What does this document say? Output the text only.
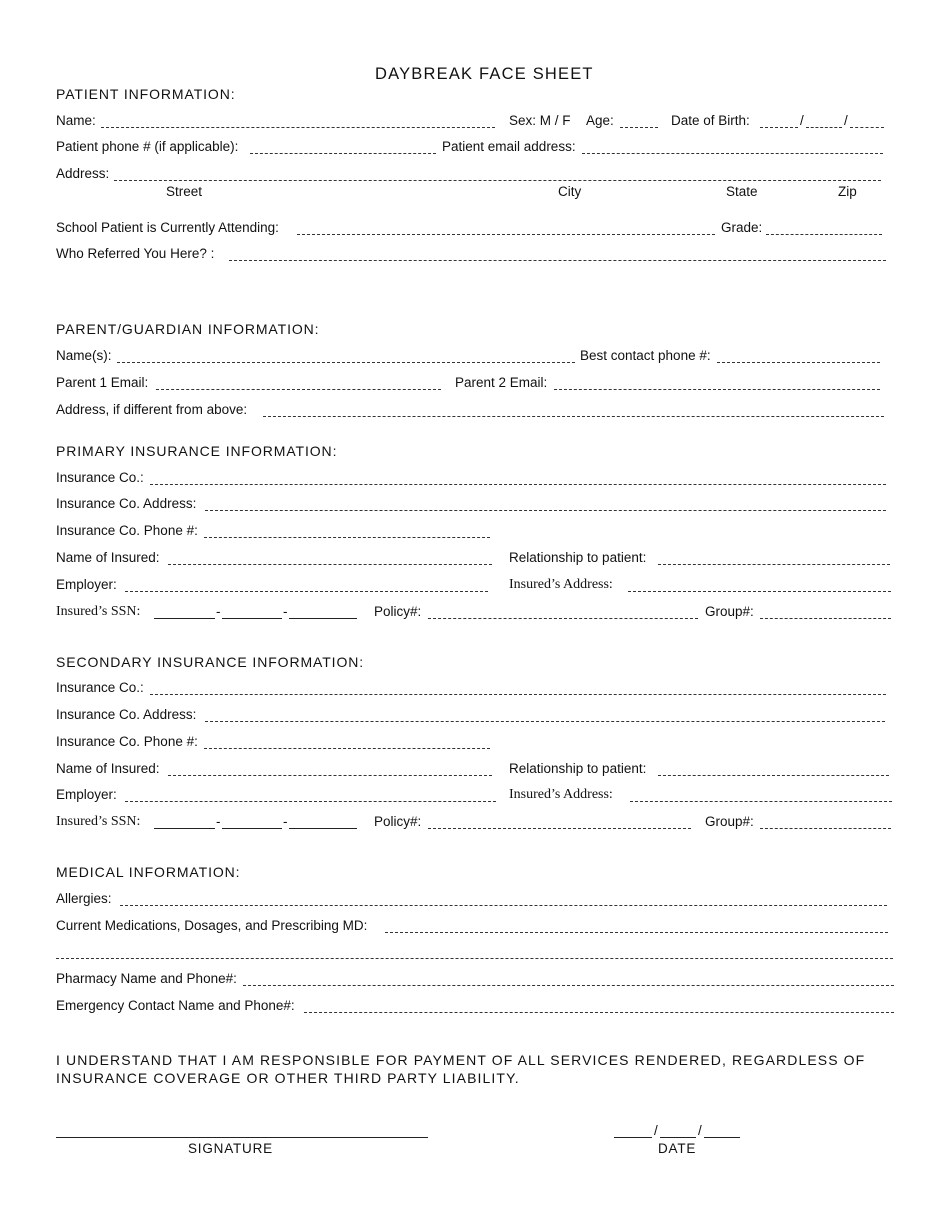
DAYBREAK FACE SHEET
PATIENT INFORMATION:
Name:	Sex: M / F Age:	Date of Birth:	/	/
Patient phone # (if applicable):	Patient email address:
Address:
Street	City	State	Zip
School Patient is Currently Attending:	Grade:
Who Referred You Here? :
PARENT/GUARDIAN INFORMATION:
Name(s):	Best contact phone #:
Parent 1 Email:	Parent 2 Email:
Address, if different from above:
PRIMARY INSURANCE INFORMATION:
Insurance Co.:
Insurance Co. Address:
Insurance Co. Phone #:
Name of Insured:	Relationship to patient:
Employer:	Insured’s Address:
Insured’s SSN:	-	-	Policy#:	Group#:
SECONDARY INSURANCE INFORMATION:
Insurance Co.:
Insurance Co. Address:
Insurance Co. Phone #:
Name of Insured:	Relationship to patient:
Employer:	Insured’s Address:
Insured’s SSN:	-	-	Policy#:	Group#:
MEDICAL INFORMATION:
Allergies:
Current Medications, Dosages, and Prescribing MD:
Pharmacy Name and Phone#:
Emergency Contact Name and Phone#:
I UNDERSTAND THAT I AM RESPONSIBLE FOR PAYMENT OF ALL SERVICES RENDERED, REGARDLESS OF INSURANCE COVERAGE OR OTHER THIRD PARTY LIABILITY.
SIGNATURE
/	/
DATE
